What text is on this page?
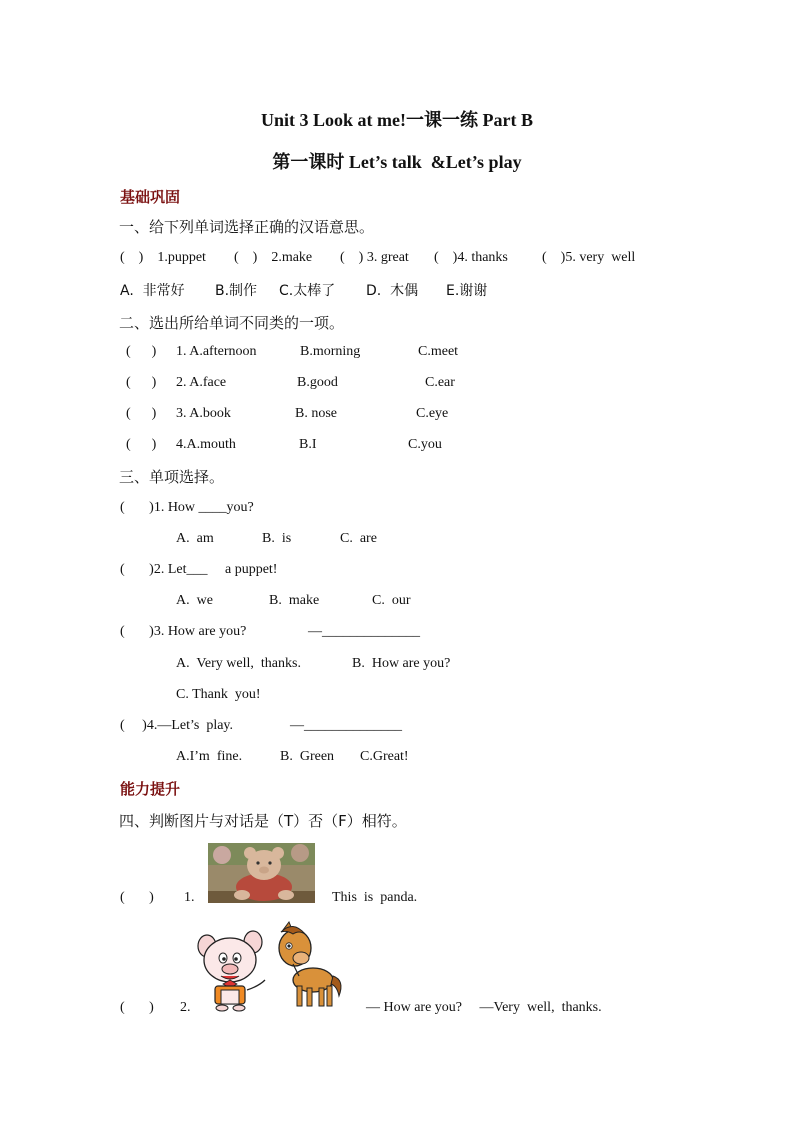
Unit 3 Look at me!一课一练 Part B
第一课时 Let’s talk  &Let’s play
基础巩固
一、给下列单词选择正确的汉语意思。
(    )    1.puppet (    )    2.make (    ) 3. great (    )4. thanks (    )5. very  well
A.  非常好 B.制作 C.太棒了 D.  木偶 E.谢谢
二、选出所给单词不同类的一项。
(      ) 1. A.afternoon	B.morning	C.meet
(      ) 2. A.face	B.good	C.ear
(      ) 3. A.book	B. nose	C.eye
(      ) 4.A.mouth	B.I	C.you
三、单项选择。
(       )1. How ____you?
A.  am	B.  is	C.  are
(       )2. Let___     a puppet!
A.  we	B.  make	C.  our
(       )3. How are you?	—______________
A.  Very well,  thanks.	B.  How are you?
C. Thank  you!
(     )4.—Let’s  play.	—______________
A.I’m  fine.	B.  Green C.Great!
能力提升
四、判断图片与对话是（T）否（F）相符。
(       ) 1.	This  is  panda.
(       ) 2.	— How are you?     —Very  well,  thanks.
